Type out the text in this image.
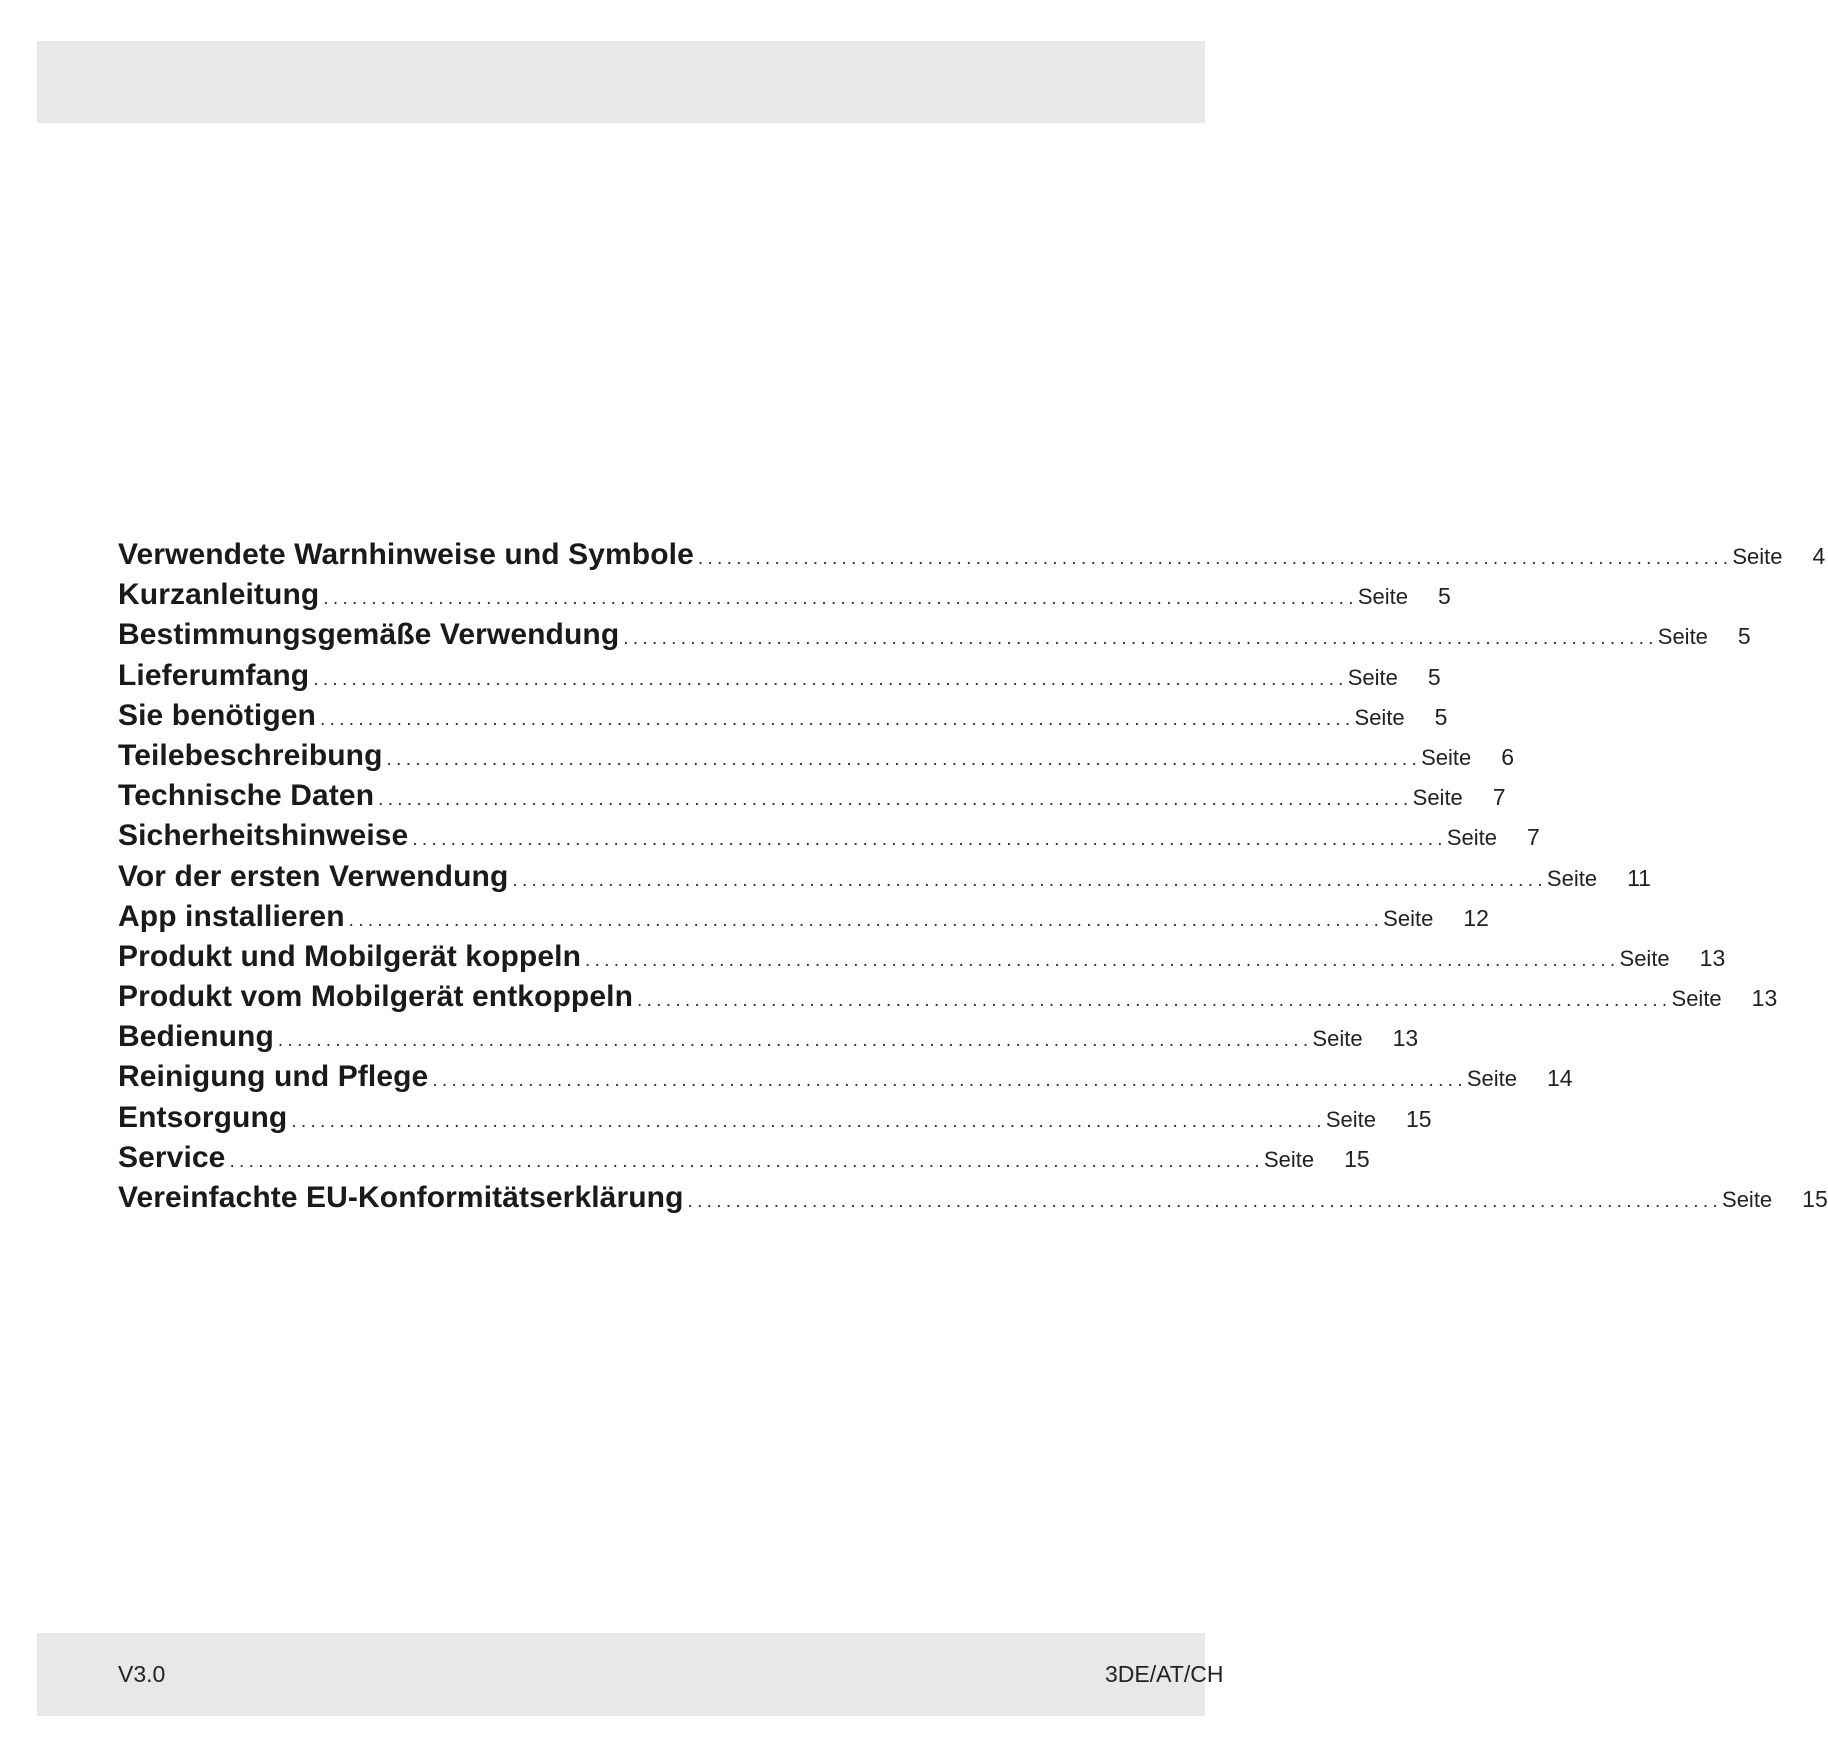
Verwendete Warnhinweise und Symbole ............................................................................................................ Seite	4
Kurzanleitung ............................................................................................................ Seite	5
Bestimmungsgemäße Verwendung ............................................................................................................ Seite	5
Lieferumfang ............................................................................................................ Seite	5
Sie benötigen ............................................................................................................ Seite	5
Teilebeschreibung ............................................................................................................ Seite	6
Technische Daten ............................................................................................................ Seite	7
Sicherheitshinweise ............................................................................................................ Seite	7
Vor der ersten Verwendung ............................................................................................................ Seite	11
App installieren ............................................................................................................ Seite	12
Produkt und Mobilgerät koppeln ............................................................................................................ Seite	13
Produkt vom Mobilgerät entkoppeln ............................................................................................................ Seite	13
Bedienung ............................................................................................................ Seite	13
Reinigung und Pflege ............................................................................................................ Seite	14
Entsorgung ............................................................................................................ Seite	15
Service ............................................................................................................ Seite	15
Vereinfachte EU-Konformitätserklärung ............................................................................................................ Seite	15
V3.0	3DE/AT/CH
